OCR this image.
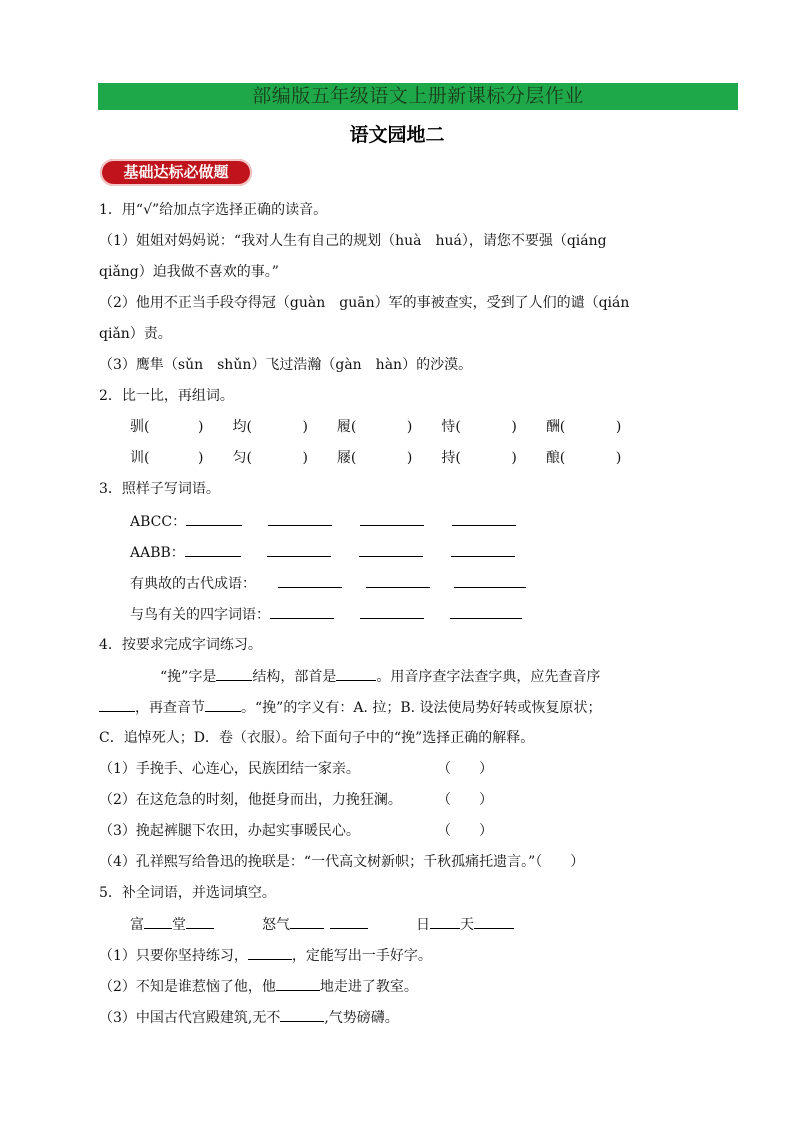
部编版五年级语文上册新课标分层作业
语文园地二
基础达标必做题
1．用“√”给加点字选择正确的读音。
（1）姐姐对妈妈说：“我对人生有自己的规划（huà　huá），请您不要强（qiáng
qiǎng）迫我做不喜欢的事。”
（2）他用不正当手段夺得冠（guàn　guān）军的事被查实，受到了人们的谴（qián
qiǎn）责。
（3）鹰隼（sǔn　shǔn）飞过浩瀚（gàn　hàn）的沙漠。
2．比一比，再组词。
驯(	) 均(	) 履(	) 恃(	) 酬(	)
训(	) 匀(	) 屦(	) 持(	) 酿(	)
3．照样子写词语。
ABCC：
AABB：
有典故的古代成语：
与鸟有关的四字词语：
4．按要求完成字词练习。
“挽”字是	结构，部首是	。用音序查字法查字典，应先查音序
，再查音节	。“挽”的字义有：A. 拉；B. 设法使局势好转或恢复原状；
C．追悼死人；D．卷（衣服）。给下面句子中的“挽”选择正确的解释。
（1）手挽手、心连心，民族团结一家亲。	（　　）
（2）在这危急的时刻，他挺身而出，力挽狂澜。	（　　）
（3）挽起裤腿下农田，办起实事暖民心。	（　　）
（4）孔祥熙写给鲁迅的挽联是：“一代高文树新帜；千秋孤痛托遗言。”（　　）
5．补全词语，并选词填空。
富 堂	怒气	日 天
（1）只要你坚持练习，	，定能写出一手好字。
（2）不知是谁惹恼了他，他	地走进了教室。
（3）中国古代宫殿建筑,无不	,气势磅礴。
